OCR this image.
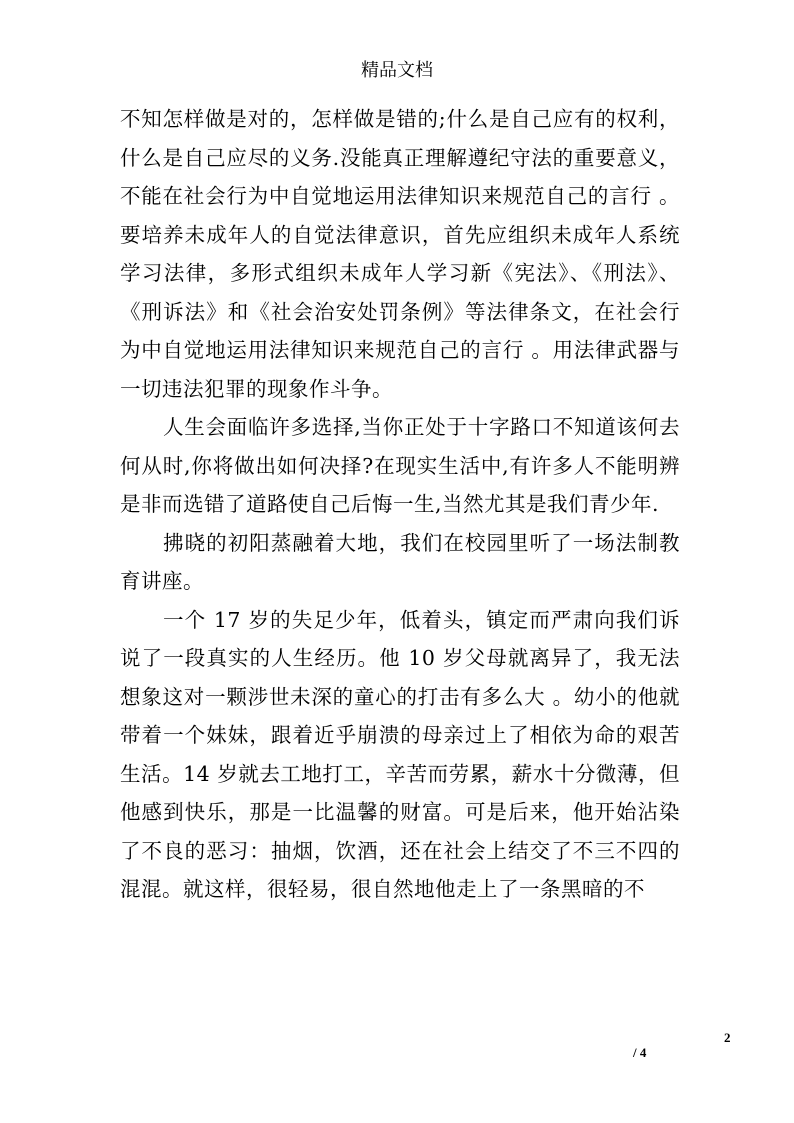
精品文档

不知怎样做是对的，怎样做是错的;什么是自己应有的权利，什么是自己应尽的义务.没能真正理解遵纪守法的重要意义，不能在社会行为中自觉地运用法律知识来规范自己的言行 。要培养未成年人的自觉法律意识，首先应组织未成年人系统学习法律，多形式组织未成年人学习新《宪法》、《刑法》、《刑诉法》和《社会治安处罚条例》等法律条文，在社会行为中自觉地运用法律知识来规范自己的言行 。用法律武器与一切违法犯罪的现象作斗争。

人生会面临许多选择,当你正处于十字路口不知道该何去何从时,你将做出如何决择?在现实生活中,有许多人不能明辨是非而选错了道路使自己后悔一生,当然尤其是我们青少年.

拂晓的初阳蒸融着大地，我们在校园里听了一场法制教育讲座。

一个 17 岁的失足少年，低着头，镇定而严肃向我们诉说了一段真实的人生经历。他 10 岁父母就离异了，我无法想象这对一颗涉世未深的童心的打击有多么大 。幼小的他就带着一个妹妹，跟着近乎崩溃的母亲过上了相依为命的艰苦生活。14 岁就去工地打工，辛苦而劳累，薪水十分微薄，但他感到快乐，那是一比温馨的财富。可是后来，他开始沾染了不良的恶习：抽烟，饮酒，还在社会上结交了不三不四的混混。就这样，很轻易，很自然地他走上了一条黑暗的不

2
/ 4
